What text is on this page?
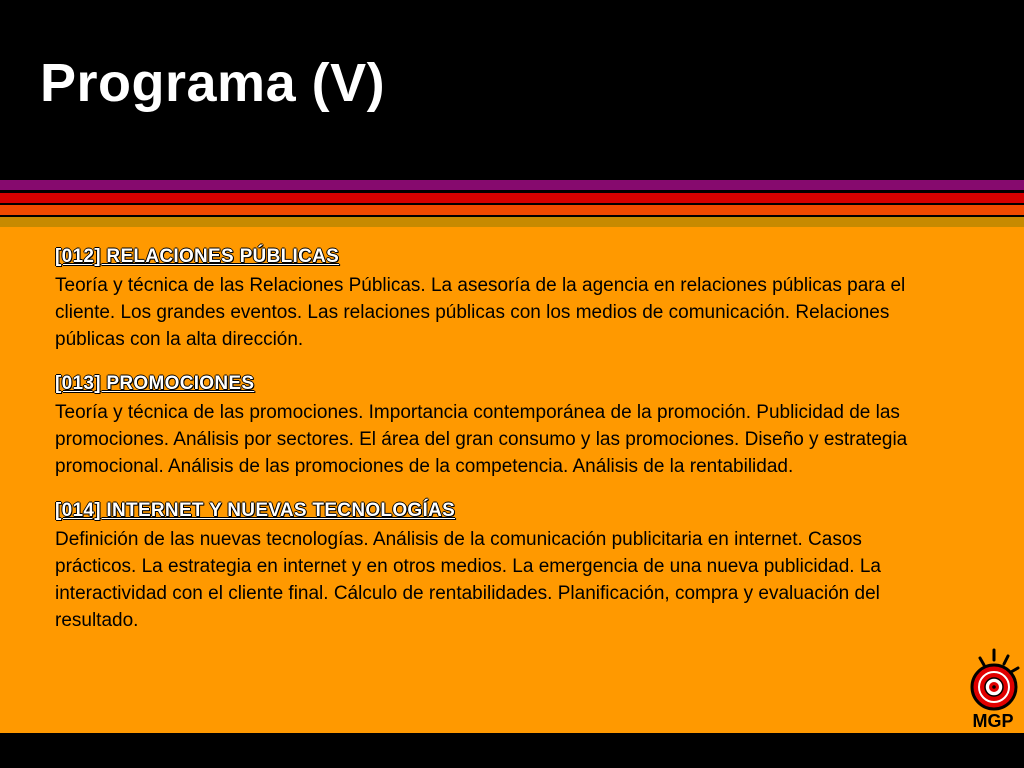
Programa (V)
[012] RELACIONES PÚBLICAS
Teoría y técnica de las Relaciones Públicas. La asesoría de la agencia en relaciones públicas para el cliente. Los grandes eventos. Las relaciones públicas con los medios de comunicación. Relaciones públicas con la alta dirección.
[013] PROMOCIONES
Teoría y técnica de las promociones. Importancia contemporánea de la promoción. Publicidad de las promociones. Análisis por sectores. El área del gran consumo y las promociones. Diseño y estrategia promocional. Análisis de las promociones de la competencia. Análisis de la rentabilidad.
[014] INTERNET Y NUEVAS TECNOLOGÍAS
Definición de las nuevas tecnologías. Análisis de la comunicación publicitaria en internet. Casos prácticos. La estrategia en internet y en otros medios. La emergencia de una nueva publicidad. La interactividad con el cliente final. Cálculo de rentabilidades. Planificación, compra y evaluación del resultado.
MGP
